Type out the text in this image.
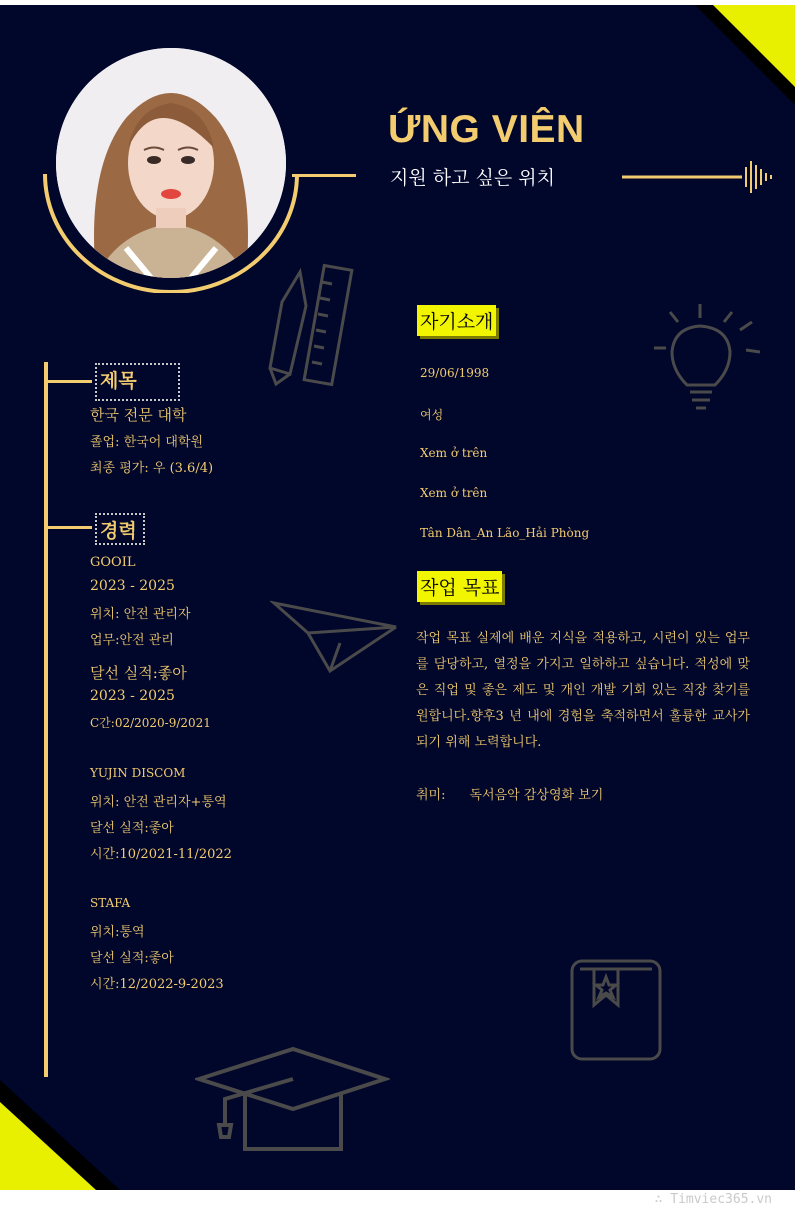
ỨNG VIÊN
지원 하고 싶은 위치
제목
한국 전문 대학
졸업: 한국어 대학원
최종 평가: 우 (3.6/4)
경력
GOOIL
2023 - 2025
위치: 안전 관리자
업무:안전 관리
달선 실적:좋아
2023 - 2025
C간:02/2020-9/2021
YUJIN DISCOM
위치: 안전 관리자+통역
달선 실적:좋아
시간:10/2021-11/2022
STAFA
위치:통역
달선 실적:좋아
시간:12/2022-9-2023
자기소개
29/06/1998
여성
Xem ở trên
Xem ở trên
Tân Dân_An Lão_Hải Phòng
작업 목표
작업 목표 실제에 배운 지식을 적용하고, 시련이 있는 업무를 담당하고, 열정을 가지고 일하하고 싶습니다. 적성에 맞은 직업 및 좋은 제도 및 개인 개발 기회 있는 직장 찾기를 원합니다.향후3 년 내에 경험을 축적하면서 훌륭한 교사가 되기 위해 노력합니다.
취미: 독서음악 감상영화 보기
∴ Timviec365.vn
